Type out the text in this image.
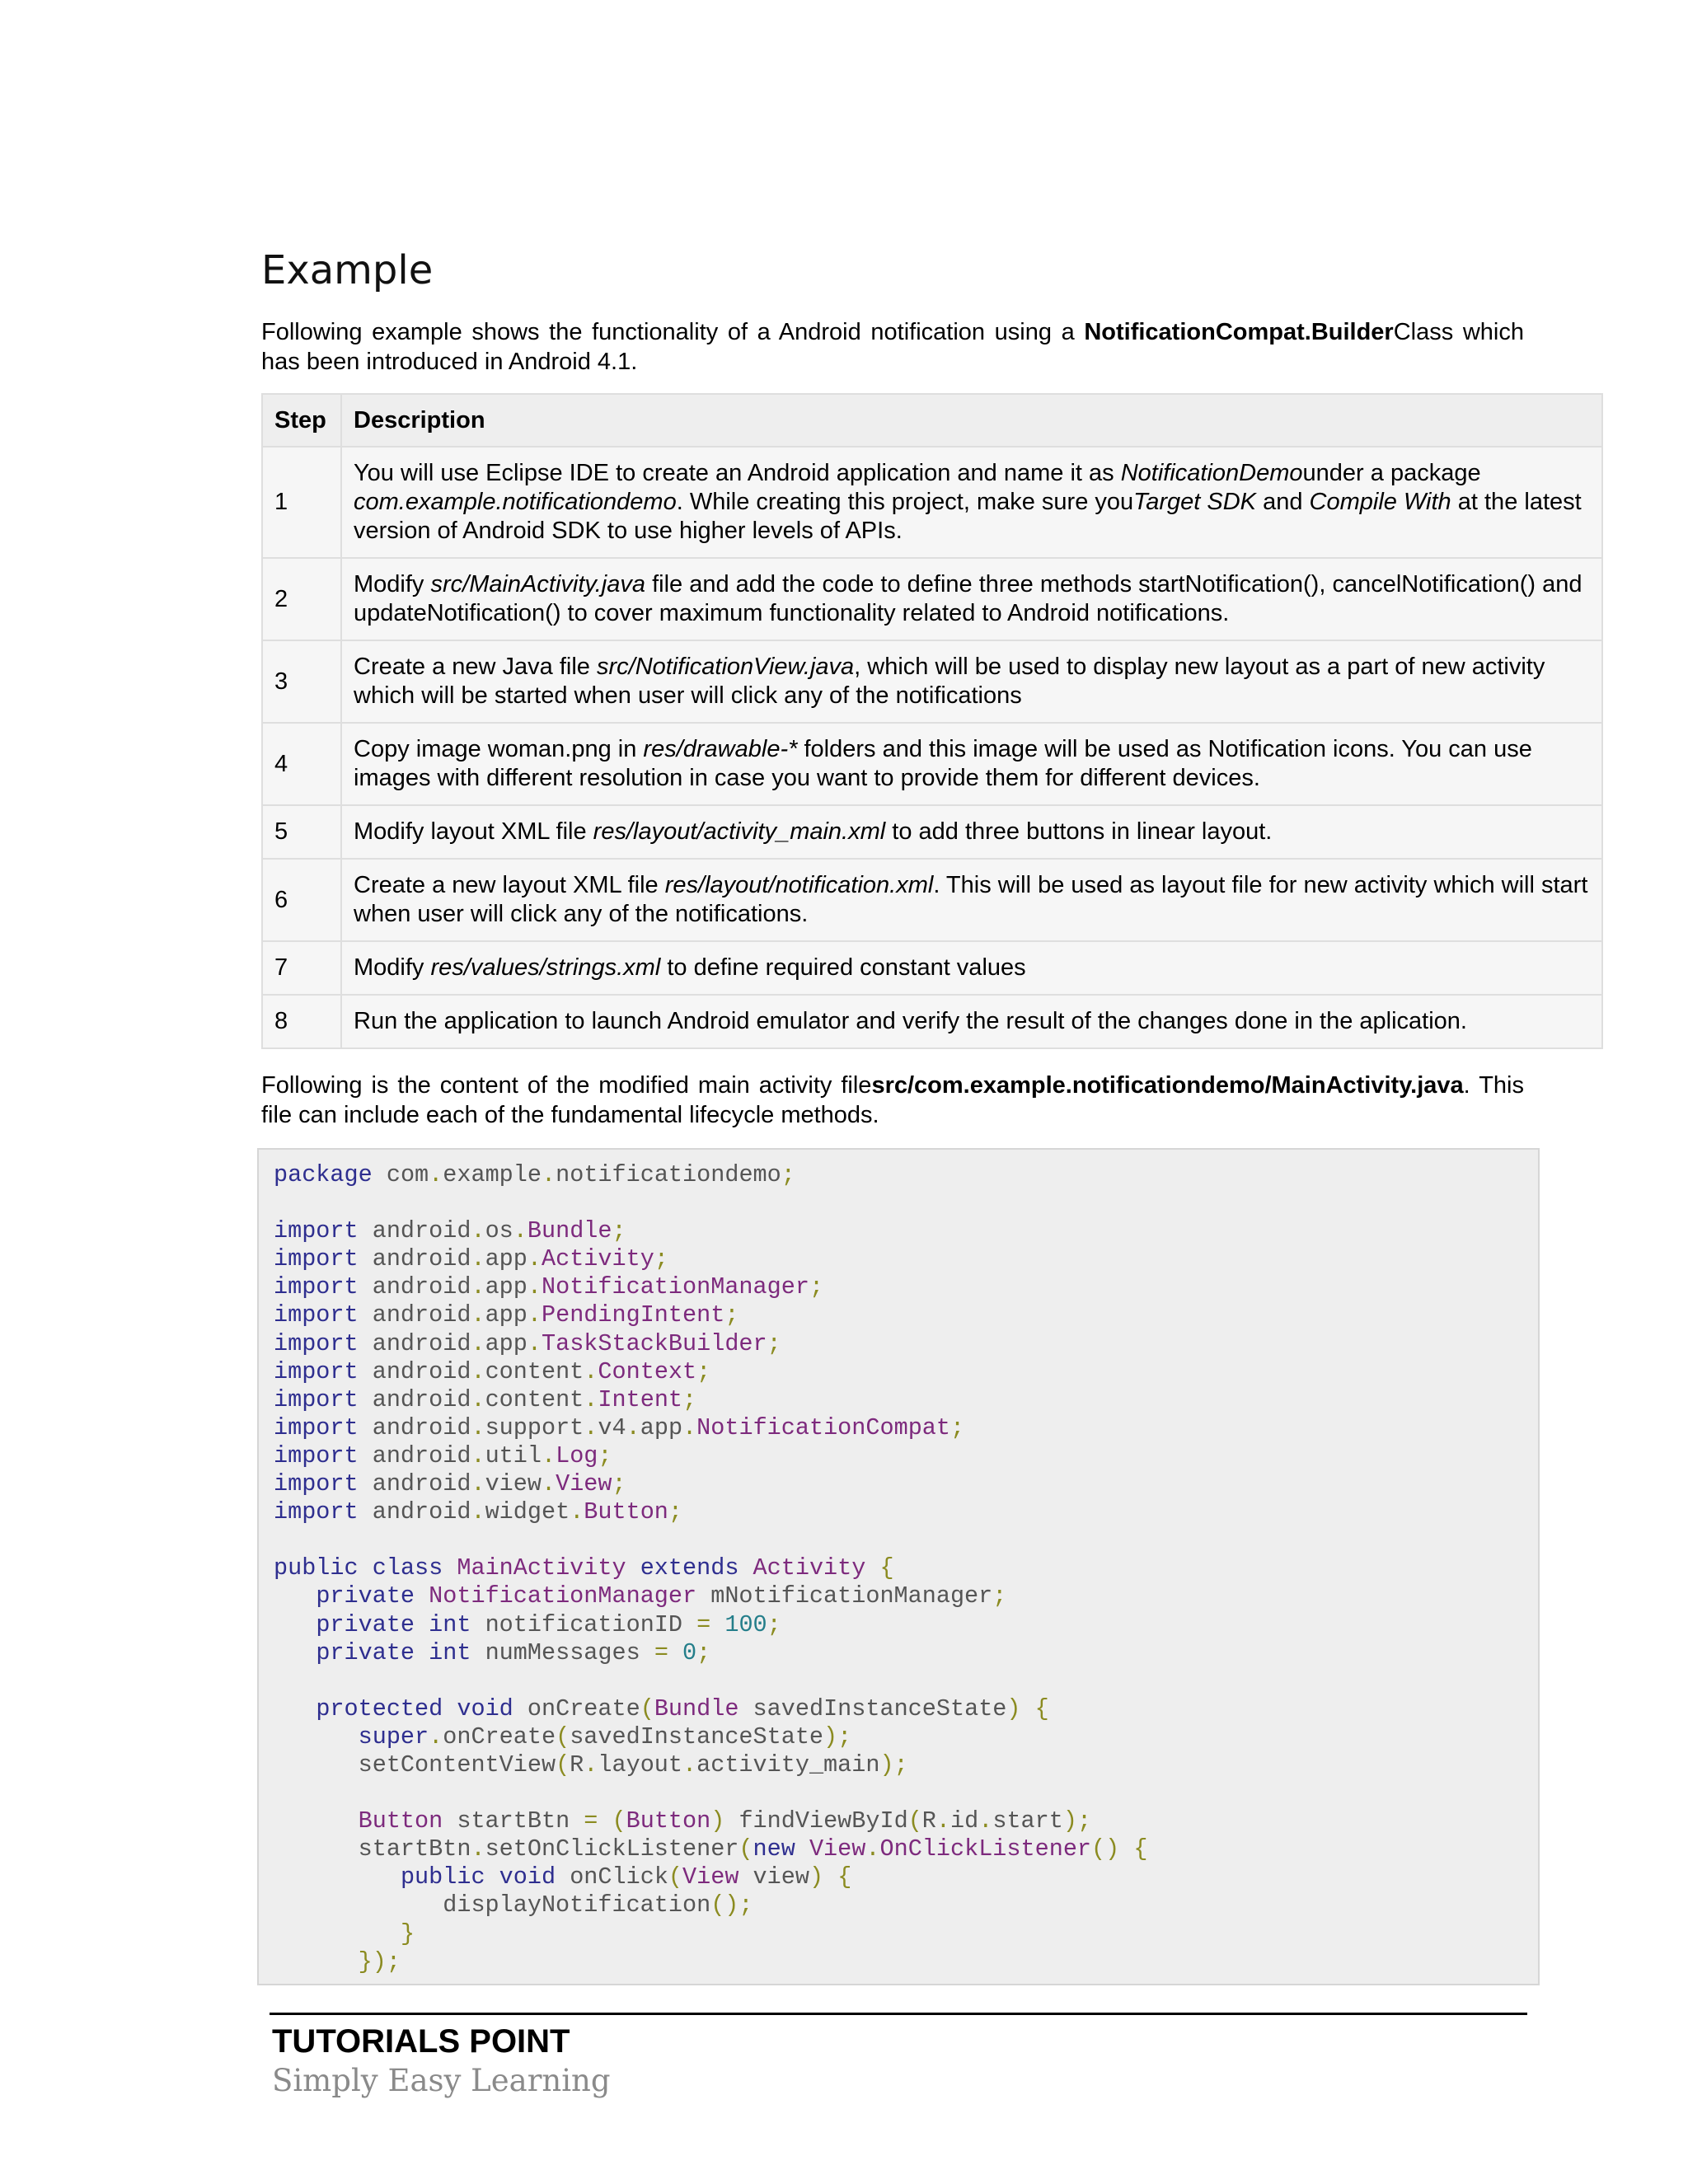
Example

Following example shows the functionality of a Android notification using a NotificationCompat.BuilderClass which has been introduced in Android 4.1.

Step	Description
1	You will use Eclipse IDE to create an Android application and name it as NotificationDemounder a package com.example.notificationdemo. While creating this project, make sure youTarget SDK and Compile With at the latest version of Android SDK to use higher levels of APIs.
2	Modify src/MainActivity.java file and add the code to define three methods startNotification(), cancelNotification() and updateNotification() to cover maximum functionality related to Android notifications.
3	Create a new Java file src/NotificationView.java, which will be used to display new layout as a part of new activity which will be started when user will click any of the notifications
4	Copy image woman.png in res/drawable-* folders and this image will be used as Notification icons. You can use images with different resolution in case you want to provide them for different devices.
5	Modify layout XML file res/layout/activity_main.xml to add three buttons in linear layout.
6	Create a new layout XML file res/layout/notification.xml. This will be used as layout file for new activity which will start when user will click any of the notifications.
7	Modify res/values/strings.xml to define required constant values
8	Run the application to launch Android emulator and verify the result of the changes done in the aplication.

Following is the content of the modified main activity filesrc/com.example.notificationdemo/MainActivity.java. This file can include each of the fundamental lifecycle methods.

package com.example.notificationdemo;

import android.os.Bundle;
import android.app.Activity;
import android.app.NotificationManager;
import android.app.PendingIntent;
import android.app.TaskStackBuilder;
import android.content.Context;
import android.content.Intent;
import android.support.v4.app.NotificationCompat;
import android.util.Log;
import android.view.View;
import android.widget.Button;

public class MainActivity extends Activity {
private NotificationManager mNotificationManager;
private int notificationID = 100;
private int numMessages = 0;

protected void onCreate(Bundle savedInstanceState) {
super.onCreate(savedInstanceState);
setContentView(R.layout.activity_main);

Button startBtn = (Button) findViewById(R.id.start);
startBtn.setOnClickListener(new View.OnClickListener() {
public void onClick(View view) {
displayNotification();
}
});

TUTORIALS POINT
Simply Easy Learning
